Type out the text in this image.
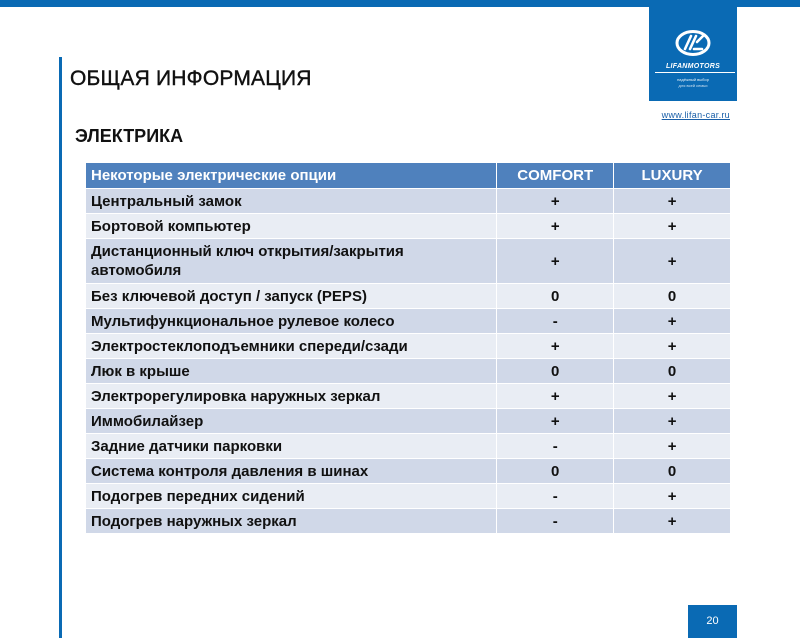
LIFANMOTORS
надёжный выбор
для всей семьи
www.lifan-car.ru
ОБЩАЯ ИНФОРМАЦИЯ
ЭЛЕКТРИКА
Некоторые электрические опции	COMFORT	LUXURY
Центральный замок	+	+
Бортовой компьютер	+	+
Дистанционный ключ открытия/закрытия автомобиля	+	+
Без ключевой доступ / запуск (PEPS)	0	0
Мультифункциональное рулевое колесо	-	+
Электростеклоподъемники спереди/сзади	+	+
Люк в крыше	0	0
Электрорегулировка наружных зеркал	+	+
Иммобилайзер	+	+
Задние датчики парковки	-	+
Система контроля давления в шинах	0	0
Подогрев передних сидений	-	+
Подогрев наружных зеркал	-	+
20
